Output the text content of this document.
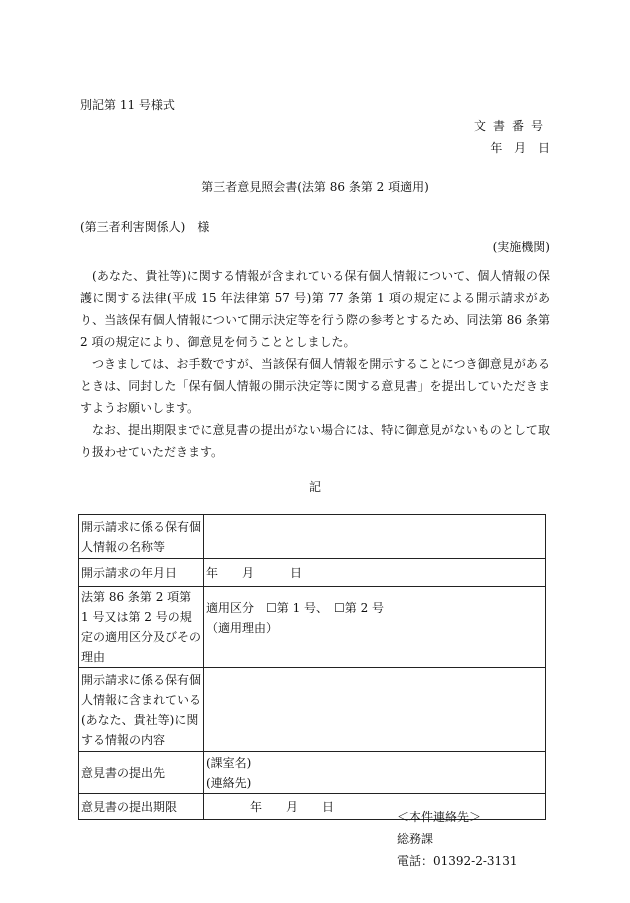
別記第 11 号様式
文書番号
年 月 日
第三者意見照会書(法第 86 条第 2 項適用)
(第三者利害関係人)　様
(実施機関)

(あなた、貴社等)に関する情報が含まれている保有個人情報について、個人情報の保護に関する法律(平成 15 年法律第 57 号)第 77 条第 1 項の規定による開示請求があり、当該保有個人情報について開示決定等を行う際の参考とするため、同法第 86 条第 2 項の規定により、御意見を伺うこととしました。

つきましては、お手数ですが、当該保有個人情報を開示することにつき御意見があるときは、同封した「保有個人情報の開示決定等に関する意見書」を提出していただきますようお願いします。

なお、提出期限までに意見書の提出がない場合には、特に御意見がないものとして取り扱わせていただきます。

記
開示請求に係る保有個人情報の名称等	
開示請求の年月日	年　　月　　　日
法第 86 条第 2 項第 1 号又は第 2 号の規定の適用区分及びその理由	適用区分　☐第 1 号、　☐第 2 号
（適用理由）

開示請求に係る保有個人情報に含まれている(あなた、貴社等)に関する情報の内容	
意見書の提出先	(課室名)
(連絡先)

意見書の提出期限	年　　月　　日
＜本件連絡先＞
総務課
電話：01392-2-3131
